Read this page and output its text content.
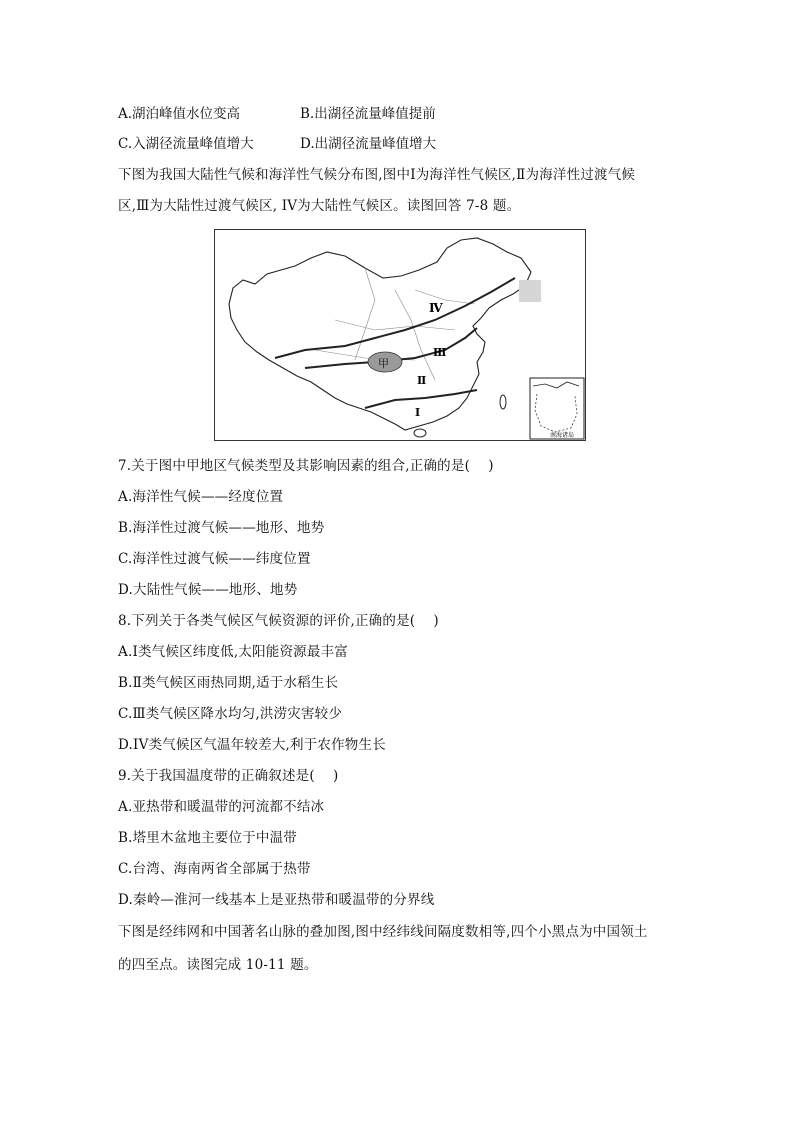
A.湖泊峰值水位变高	B.出湖径流量峰值提前
C.入湖径流量峰值增大	D.出湖径流量峰值增大
下图为我国大陆性气候和海洋性气候分布图,图中Ⅰ为海洋性气候区,Ⅱ为海洋性过渡气候
区,Ⅲ为大陆性过渡气候区, IV为大陆性气候区。读图回答 7-8 题。
Ⅳ
Ⅲ
Ⅱ
Ⅰ
甲
南海诸岛
7.关于图中甲地区气候类型及其影响因素的组合,正确的是(　 )
A.海洋性气候——经度位置
B.海洋性过渡气候——地形、地势
C.海洋性过渡气候——纬度位置
D.大陆性气候——地形、地势
8.下列关于各类气候区气候资源的评价,正确的是(　 )
A.Ⅰ类气候区纬度低,太阳能资源最丰富
B.Ⅱ类气候区雨热同期,适于水稻生长
C.Ⅲ类气候区降水均匀,洪涝灾害较少
D.IV类气候区气温年较差大,利于农作物生长
9.关于我国温度带的正确叙述是(　 )
A.亚热带和暖温带的河流都不结冰
B.塔里木盆地主要位于中温带
C.台湾、海南两省全部属于热带
D.秦岭—淮河一线基本上是亚热带和暖温带的分界线
下图是经纬网和中国著名山脉的叠加图,图中经纬线间隔度数相等,四个小黑点为中国领土
的四至点。读图完成 10-11 题。
